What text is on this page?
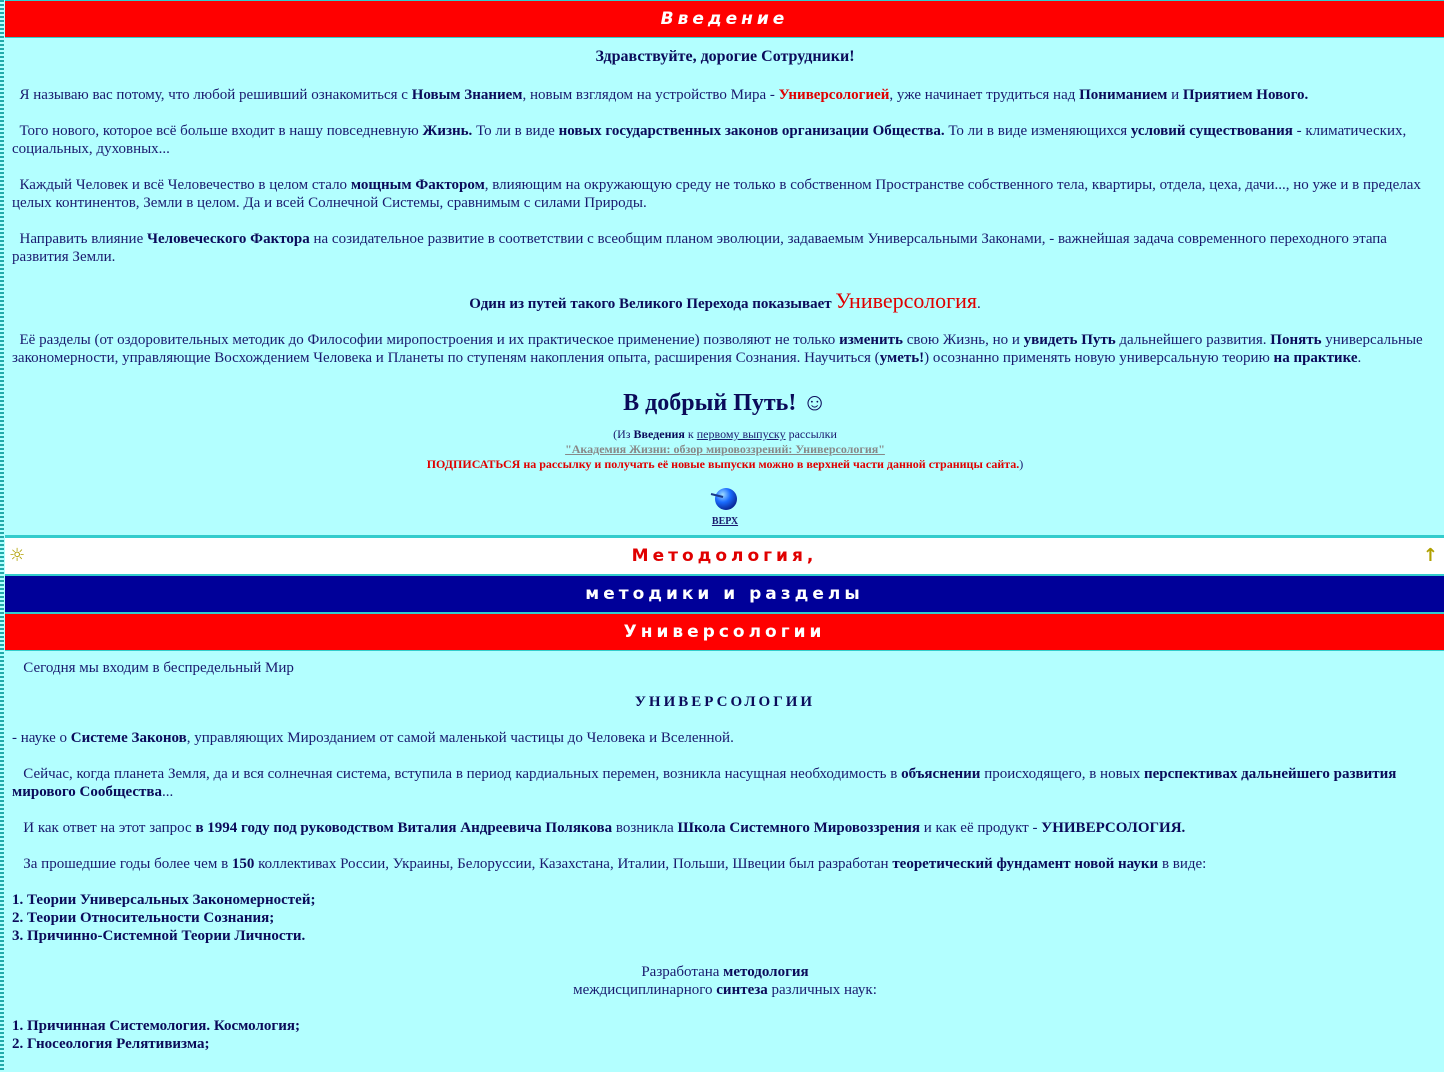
Введение

Здравствуйте, дорогие Сотрудники!

Я называю вас потому, что любой решивший ознакомиться с Новым Знанием, новым взглядом на устройство Мира - Универсологией, уже начинает трудиться над Пониманием и Приятием Нового.

Того нового, которое всё больше входит в нашу повседневную Жизнь. То ли в виде новых государственных законов организации Общества. То ли в виде изменяющихся условий существования - климатических, социальных, духовных...

Каждый Человек и всё Человечество в целом стало мощным Фактором, влияющим на окружающую среду не только в собственном Пространстве собственного тела, квартиры, отдела, цеха, дачи..., но уже и в пределах целых континентов, Земли в целом. Да и всей Солнечной Системы, сравнимым с силами Природы.

Направить влияние Человеческого Фактора на созидательное развитие в соответствии с всеобщим планом эволюции, задаваемым Универсальными Законами, - важнейшая задача современного переходного этапа развития Земли.

Один из путей такого Великого Перехода показывает Универсология.

Её разделы (от оздоровительных методик до Философии миропостроения и их практическое применение) позволяют не только изменить свою Жизнь, но и увидеть Путь дальнейшего развития. Понять универсальные закономерности, управляющие Восхождением Человека и Планеты по ступеням накопления опыта, расширения Сознания. Научиться (уметь!) осознанно применять новую универсальную теорию на практике.

В добрый Путь! ☺

(Из Введения к первому выпуску рассылки
"Академия Жизни: обзор мировоззрений: Универсология"
ПОДПИСАТЬСЯ на рассылку и получать её новые выпуски можно в верхней части данной страницы сайта.)
ВЕРХ
☼	Методология,	↑
методики и разделы
Универсологии

Сегодня мы входим в беспредельный Мир

УНИВЕРСОЛОГИИ

- науке о Системе Законов, управляющих Мирозданием от самой маленькой частицы до Человека и Вселенной.

Сейчас, когда планета Земля, да и вся солнечная система, вступила в период кардиальных перемен, возникла насущная необходимость в объяснении происходящего, в новых перспективах дальнейшего развития мирового Сообщества...

И как ответ на этот запрос в 1994 году под руководством Виталия Андреевича Полякова возникла Школа Системного Мировоззрения и как её продукт - УНИВЕРСОЛОГИЯ.

За прошедшие годы более чем в 150 коллективах России, Украины, Белоруссии, Казахстана, Италии, Польши, Швеции был разработан теоретический фундамент новой науки в виде:

1. Теории Универсальных Закономерностей;

2. Теории Относительности Сознания;

3. Причинно-Системной Теории Личности.

Разработана методология

междисциплинарного синтеза различных наук:

1. Причинная Системология. Космология;

2. Гносеология Релятивизма;
